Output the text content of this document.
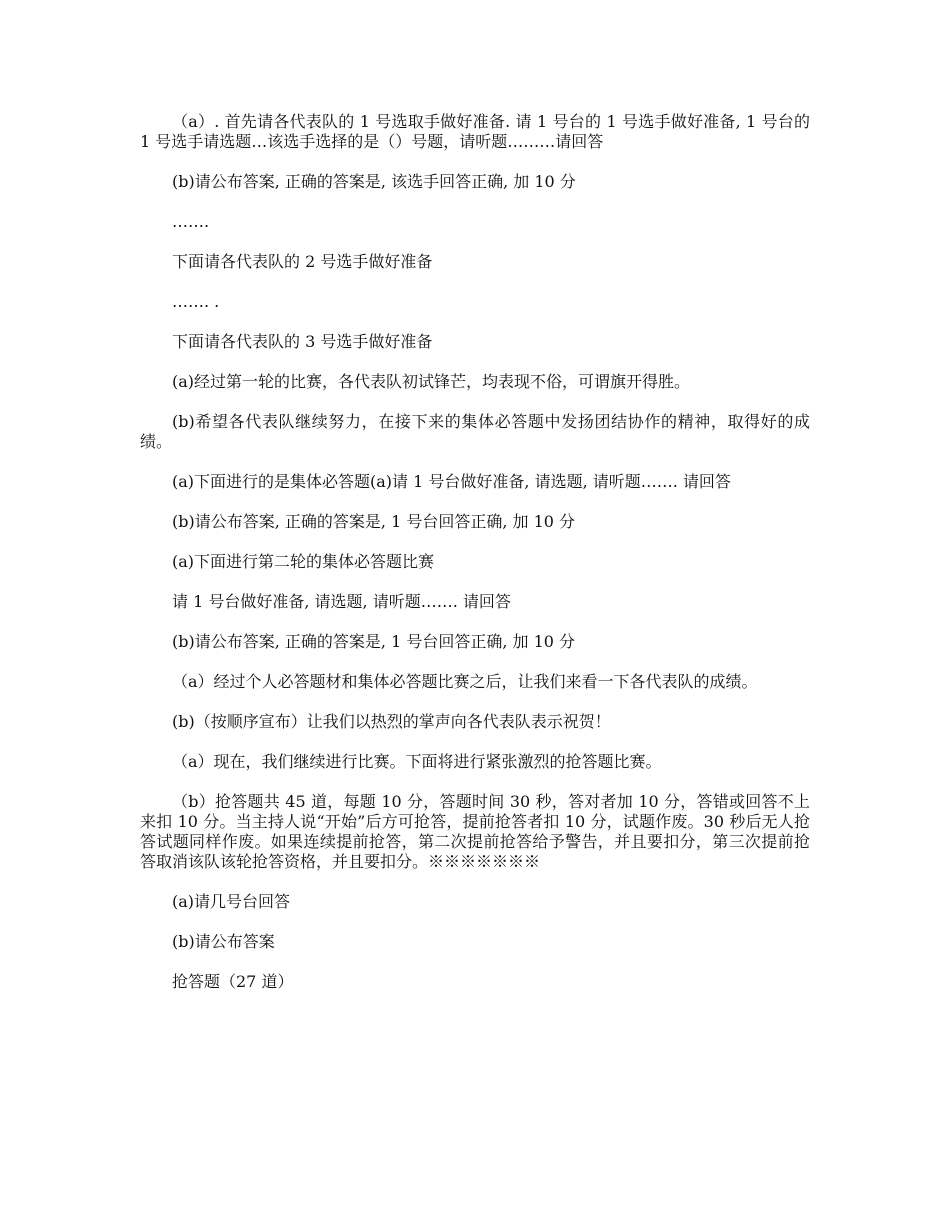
（a）. 首先请各代表队的 1 号选取手做好准备. 请 1 号台的 1 号选手做好准备, 1 号台的 1 号选手请选题…该选手选择的是（）号题，请听题………请回答

(b)请公布答案, 正确的答案是, 该选手回答正确, 加 10 分

…….

下面请各代表队的 2 号选手做好准备

……. .

下面请各代表队的 3 号选手做好准备

(a)经过第一轮的比赛，各代表队初试锋芒，均表现不俗，可谓旗开得胜。

(b)希望各代表队继续努力，在接下来的集体必答题中发扬团结协作的精神，取得好的成绩。

(a)下面进行的是集体必答题(a)请 1 号台做好准备, 请选题, 请听题……. 请回答

(b)请公布答案, 正确的答案是, 1 号台回答正确, 加 10 分

(a)下面进行第二轮的集体必答题比赛

请 1 号台做好准备, 请选题, 请听题……. 请回答

(b)请公布答案, 正确的答案是, 1 号台回答正确, 加 10 分

（a）经过个人必答题材和集体必答题比赛之后，让我们来看一下各代表队的成绩。

(b)（按顺序宣布）让我们以热烈的掌声向各代表队表示祝贺！

（a）现在，我们继续进行比赛。下面将进行紧张激烈的抢答题比赛。

（b）抢答题共 45 道，每题 10 分，答题时间 30 秒，答对者加 10 分，答错或回答不上来扣 10 分。当主持人说“开始”后方可抢答，提前抢答者扣 10 分，试题作废。30 秒后无人抢答试题同样作废。如果连续提前抢答，第二次提前抢答给予警告，并且要扣分，第三次提前抢答取消该队该轮抢答资格，并且要扣分。※※※※※※※

(a)请几号台回答

(b)请公布答案

抢答题（27 道）
